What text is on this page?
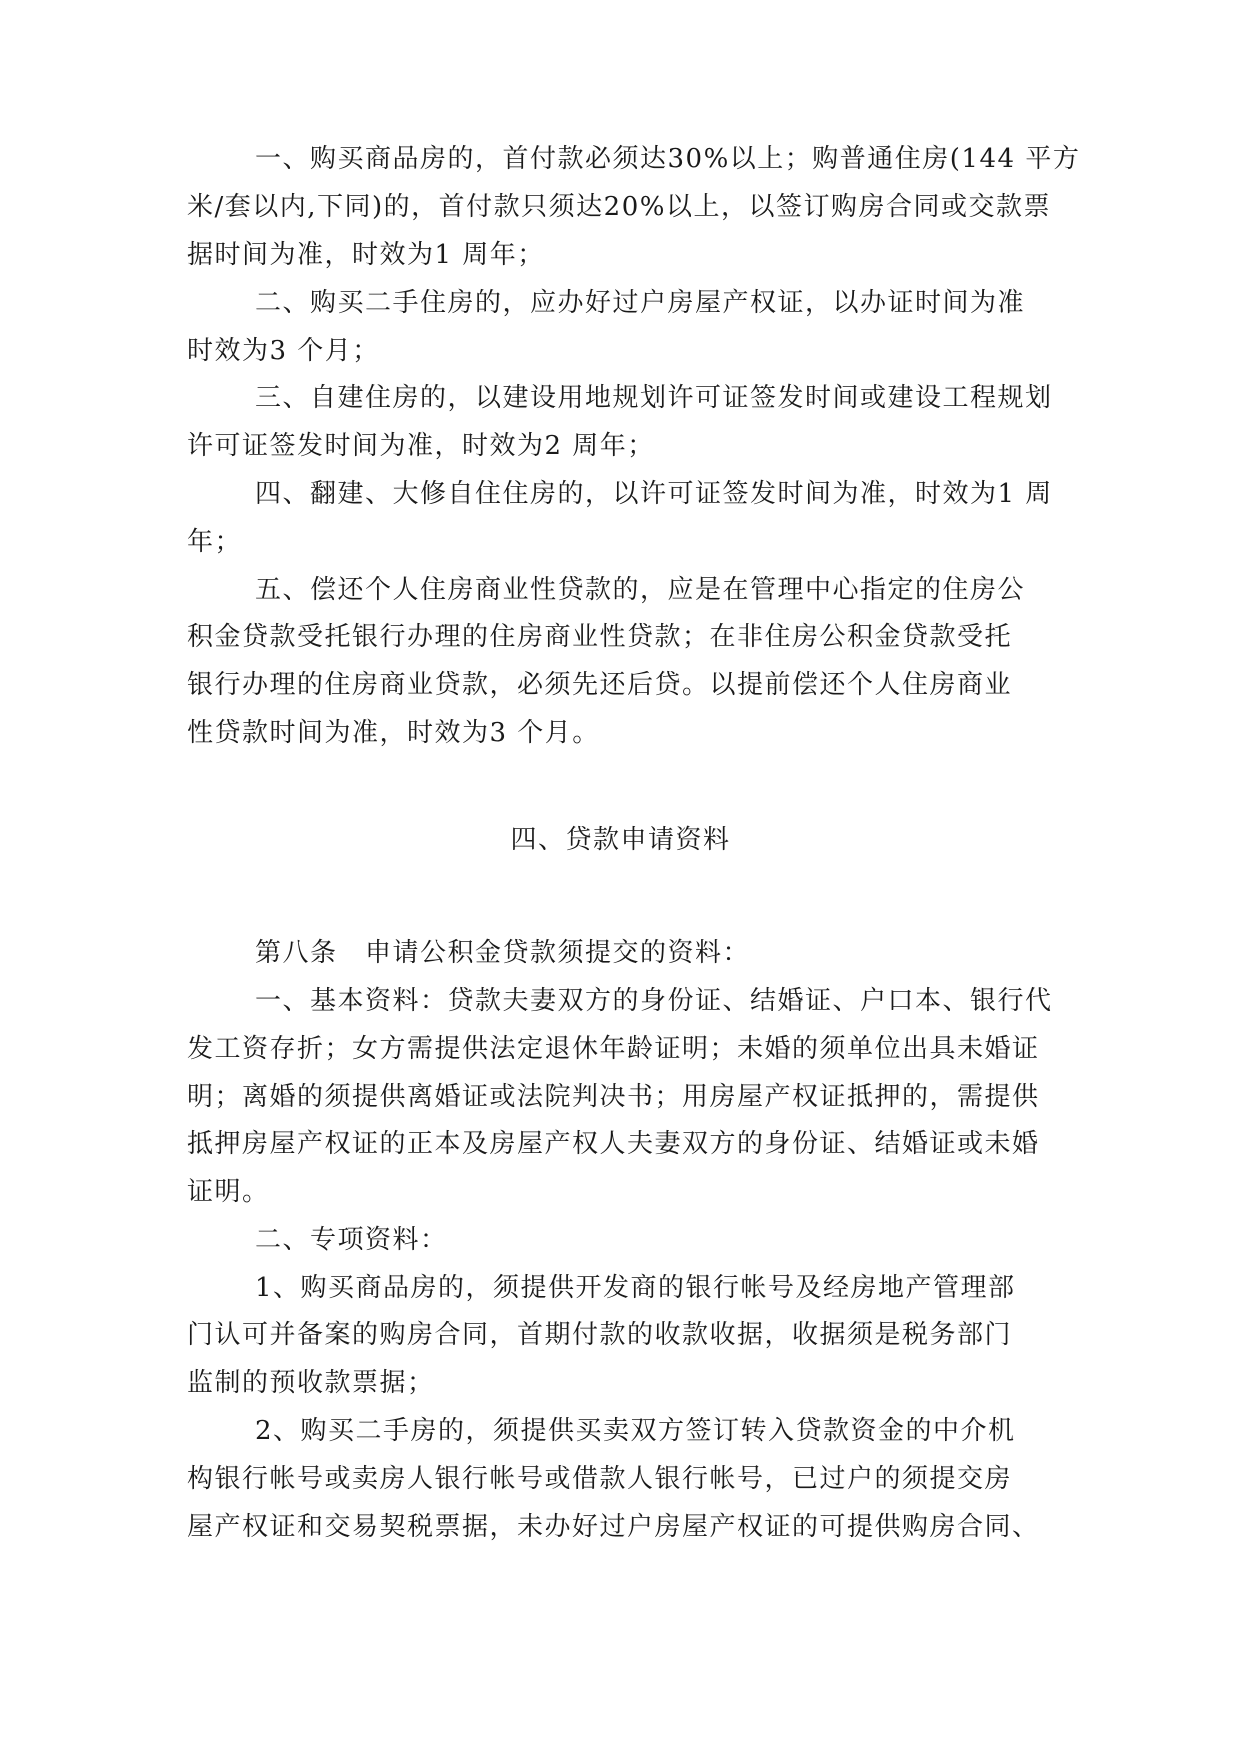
一、购买商品房的，首付款必须达30%以上；购普通住房(144 平方
米/套以内,下同)的，首付款只须达20%以上，以签订购房合同或交款票
据时间为准，时效为1 周年；
二、购买二手住房的，应办好过户房屋产权证，以办证时间为准
时效为3 个月；
三、自建住房的，以建设用地规划许可证签发时间或建设工程规划
许可证签发时间为准，时效为2 周年；
四、翻建、大修自住住房的，以许可证签发时间为准，时效为1 周
年；
五、偿还个人住房商业性贷款的，应是在管理中心指定的住房公
积金贷款受托银行办理的住房商业性贷款；在非住房公积金贷款受托
银行办理的住房商业贷款，必须先还后贷。以提前偿还个人住房商业
性贷款时间为准，时效为3 个月。
四、贷款申请资料
第八条　申请公积金贷款须提交的资料：
一、基本资料：贷款夫妻双方的身份证、结婚证、户口本、银行代
发工资存折；女方需提供法定退休年龄证明；未婚的须单位出具未婚证
明；离婚的须提供离婚证或法院判决书；用房屋产权证抵押的，需提供
抵押房屋产权证的正本及房屋产权人夫妻双方的身份证、结婚证或未婚
证明。
二、专项资料：
1、购买商品房的，须提供开发商的银行帐号及经房地产管理部
门认可并备案的购房合同，首期付款的收款收据，收据须是税务部门
监制的预收款票据；
2、购买二手房的，须提供买卖双方签订转入贷款资金的中介机
构银行帐号或卖房人银行帐号或借款人银行帐号，已过户的须提交房
屋产权证和交易契税票据，未办好过户房屋产权证的可提供购房合同、
